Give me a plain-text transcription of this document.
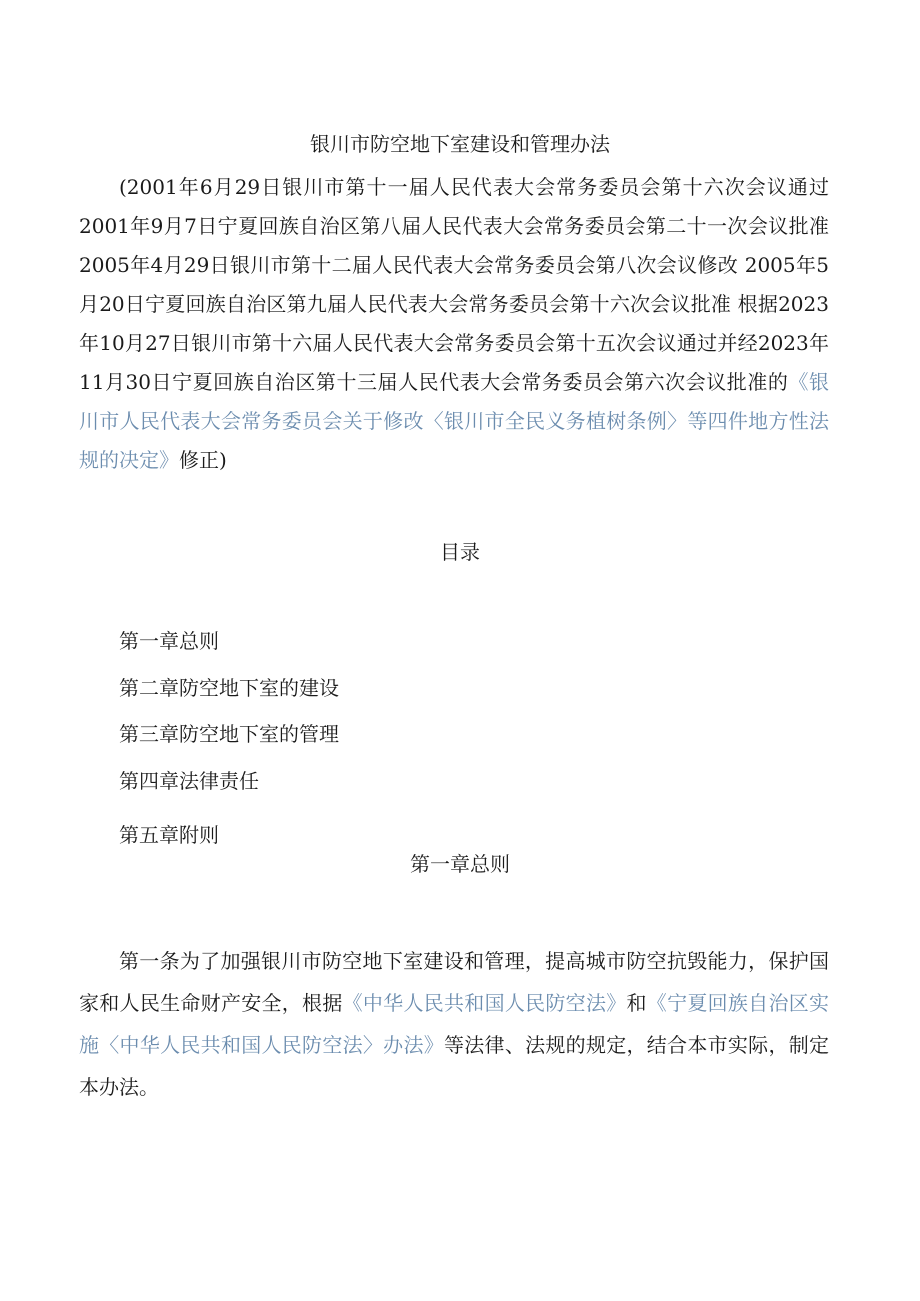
银川市防空地下室建设和管理办法
(2001年6月29日银川市第十一届人民代表大会常务委员会第十六次会议通过 2001年9月7日宁夏回族自治区第八届人民代表大会常务委员会第二十一次会议批准 2005年4月29日银川市第十二届人民代表大会常务委员会第八次会议修改 2005年5月20日宁夏回族自治区第九届人民代表大会常务委员会第十六次会议批准 根据2023年10月27日银川市第十六届人民代表大会常务委员会第十五次会议通过并经2023年11月30日宁夏回族自治区第十三届人民代表大会常务委员会第六次会议批准的《银川市人民代表大会常务委员会关于修改〈银川市全民义务植树条例〉等四件地方性法规的决定》修正)
目录
第一章总则
第二章防空地下室的建设
第三章防空地下室的管理
第四章法律责任
第五章附则
第一章总则
第一条为了加强银川市防空地下室建设和管理，提高城市防空抗毁能力，保护国家和人民生命财产安全，根据《中华人民共和国人民防空法》和《宁夏回族自治区实施〈中华人民共和国人民防空法〉办法》等法律、法规的规定，结合本市实际，制定本办法。
